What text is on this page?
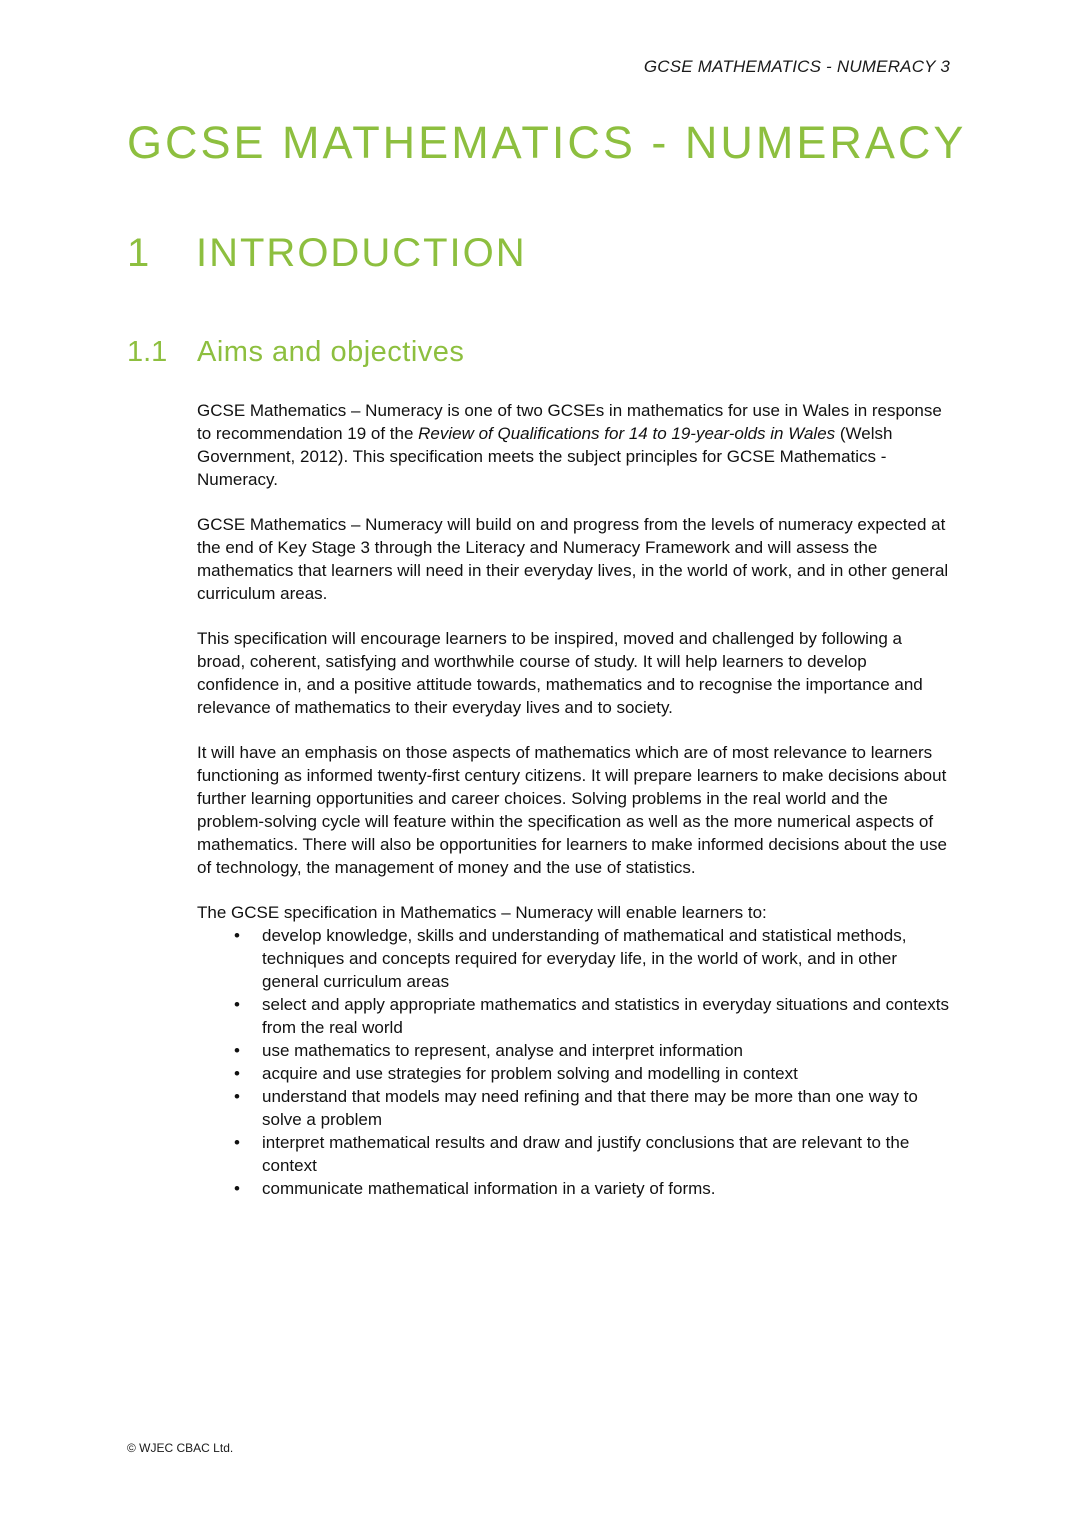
GCSE MATHEMATICS - NUMERACY 3
GCSE MATHEMATICS - NUMERACY
1	INTRODUCTION
1.1	Aims and objectives

GCSE Mathematics – Numeracy is one of two GCSEs in mathematics for use in Wales in response to recommendation 19 of the Review of Qualifications for 14 to 19-year-olds in Wales (Welsh Government, 2012). This specification meets the subject principles for GCSE Mathematics - Numeracy.

GCSE Mathematics – Numeracy will build on and progress from the levels of numeracy expected at the end of Key Stage 3 through the Literacy and Numeracy Framework and will assess the mathematics that learners will need in their everyday lives, in the world of work, and in other general curriculum areas.

This specification will encourage learners to be inspired, moved and challenged by following a broad, coherent, satisfying and worthwhile course of study. It will help learners to develop confidence in, and a positive attitude towards, mathematics and to recognise the importance and relevance of mathematics to their everyday lives and to society.

It will have an emphasis on those aspects of mathematics which are of most relevance to learners functioning as informed twenty-first century citizens. It will prepare learners to make decisions about further learning opportunities and career choices. Solving problems in the real world and the problem-solving cycle will feature within the specification as well as the more numerical aspects of mathematics. There will also be opportunities for learners to make informed decisions about the use of technology, the management of money and the use of statistics.

The GCSE specification in Mathematics – Numeracy will enable learners to:

• develop knowledge, skills and understanding of mathematical and statistical methods, techniques and concepts required for everyday life, in the world of work, and in other general curriculum areas
• select and apply appropriate mathematics and statistics in everyday situations and contexts from the real world
• use mathematics to represent, analyse and interpret information
• acquire and use strategies for problem solving and modelling in context
• understand that models may need refining and that there may be more than one way to solve a problem
• interpret mathematical results and draw and justify conclusions that are relevant to the context
• communicate mathematical information in a variety of forms.
© WJEC CBAC Ltd.
